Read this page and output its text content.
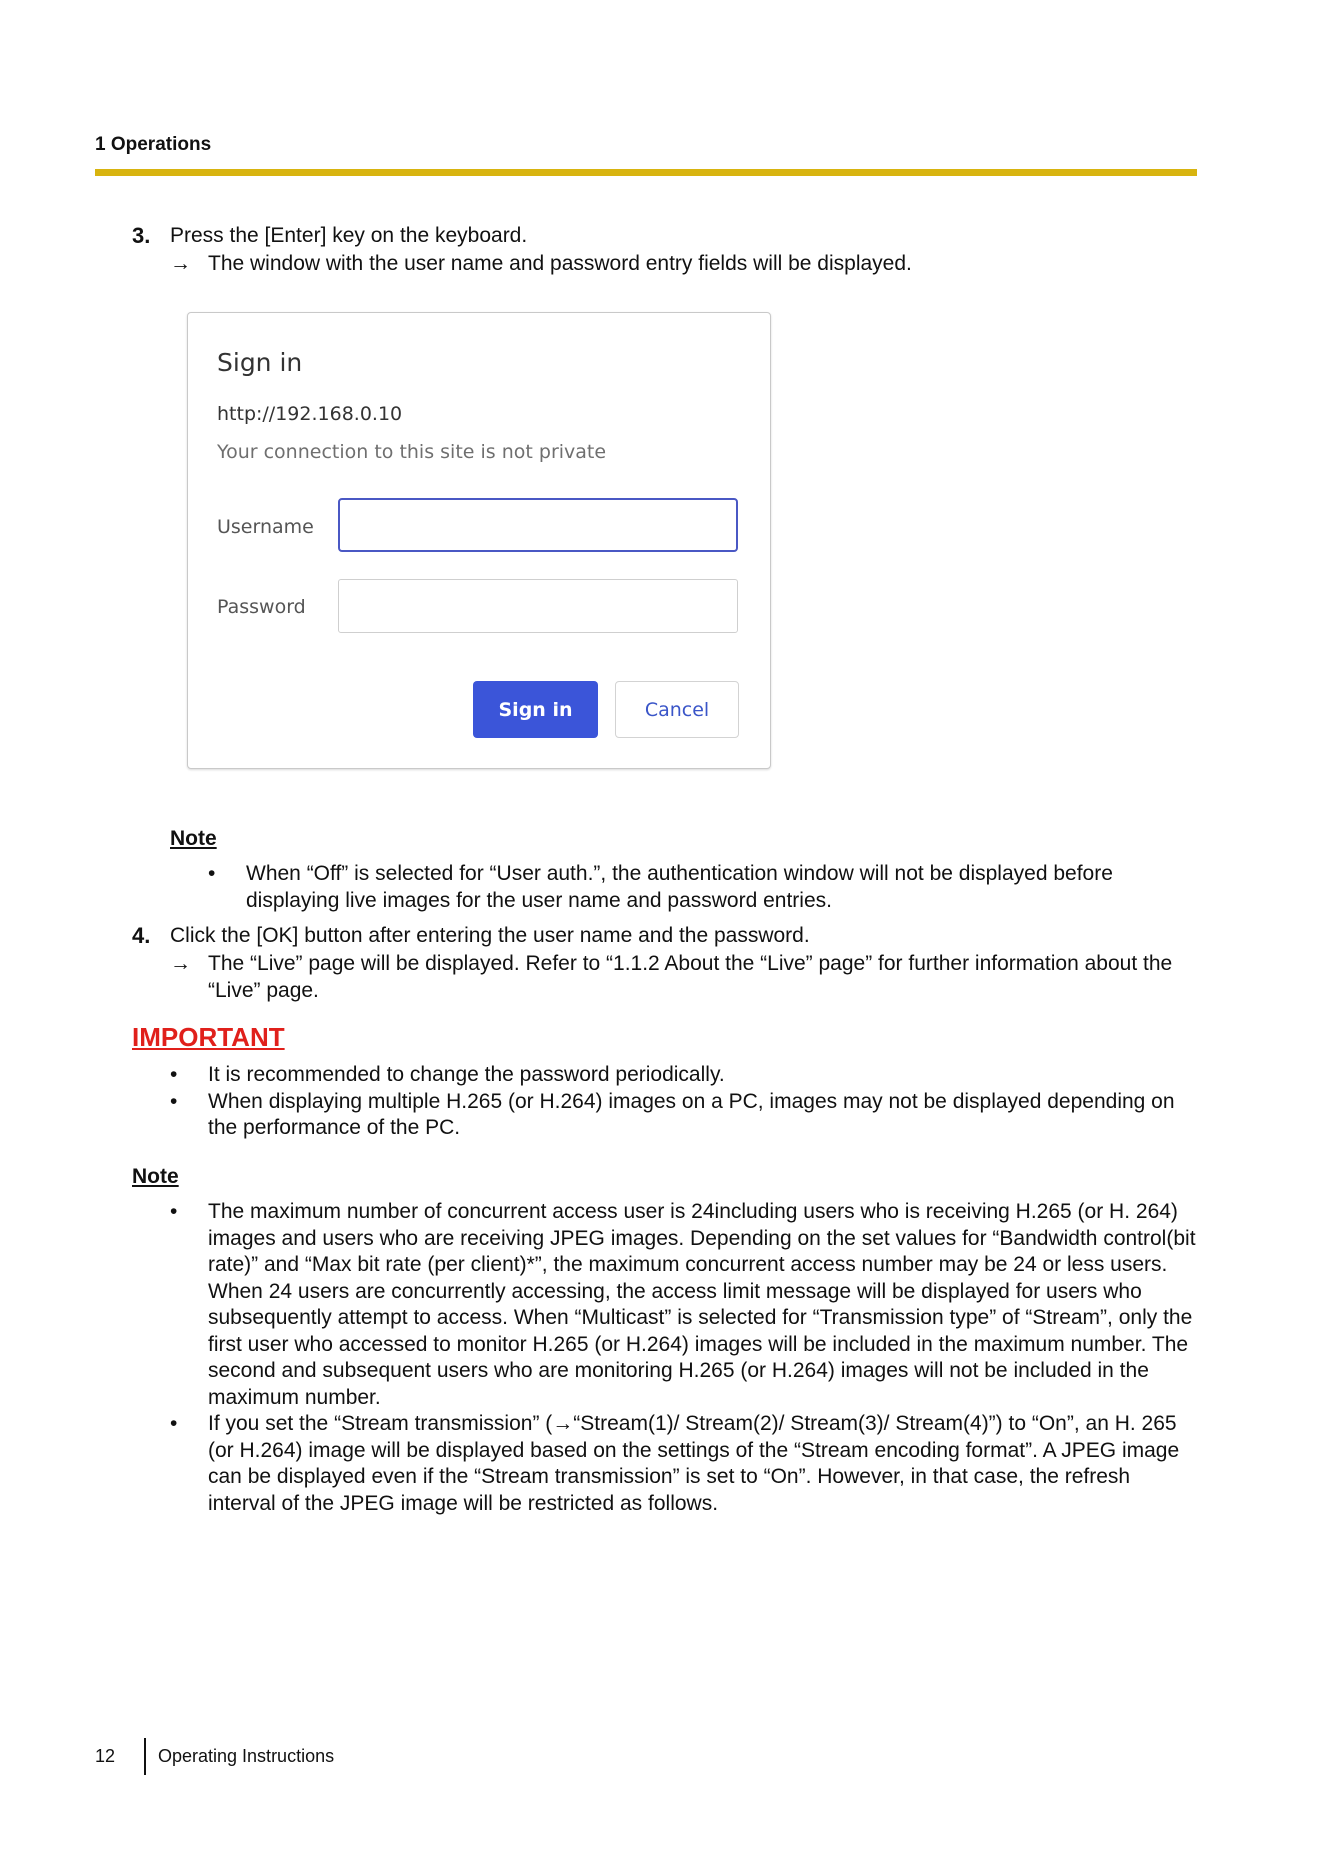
1 Operations
3. Press the [Enter] key on the keyboard.
→ The window with the user name and password entry fields will be displayed.
Sign in
http://192.168.0.10
Your connection to this site is not private
Username
Password
Sign in	Cancel
Note
• When “Off” is selected for “User auth.”, the authentication window will not be displayed before displaying live images for the user name and password entries.
4. Click the [OK] button after entering the user name and the password.
→ The “Live” page will be displayed. Refer to “1.1.2 About the “Live” page” for further information about the “Live” page.
IMPORTANT
• It is recommended to change the password periodically.
• When displaying multiple H.265 (or H.264) images on a PC, images may not be displayed depending on the performance of the PC.
Note
• The maximum number of concurrent access user is 24including users who is receiving H.265 (or H. 264) images and users who are receiving JPEG images. Depending on the set values for “Bandwidth control(bit rate)” and “Max bit rate (per client)*”, the maximum concurrent access number may be 24 or less users. When 24 users are concurrently accessing, the access limit message will be displayed for users who subsequently attempt to access. When “Multicast” is selected for “Transmission type” of “Stream”, only the first user who accessed to monitor H.265 (or H.264) images will be included in the maximum number. The second and subsequent users who are monitoring H.265 (or H.264) images will not be included in the maximum number.
• If you set the “Stream transmission” (→“Stream(1)/ Stream(2)/ Stream(3)/ Stream(4)”) to “On”, an H. 265 (or H.264) image will be displayed based on the settings of the “Stream encoding format”. A JPEG image can be displayed even if the “Stream transmission” is set to “On”. However, in that case, the refresh interval of the JPEG image will be restricted as follows.
12 Operating Instructions
